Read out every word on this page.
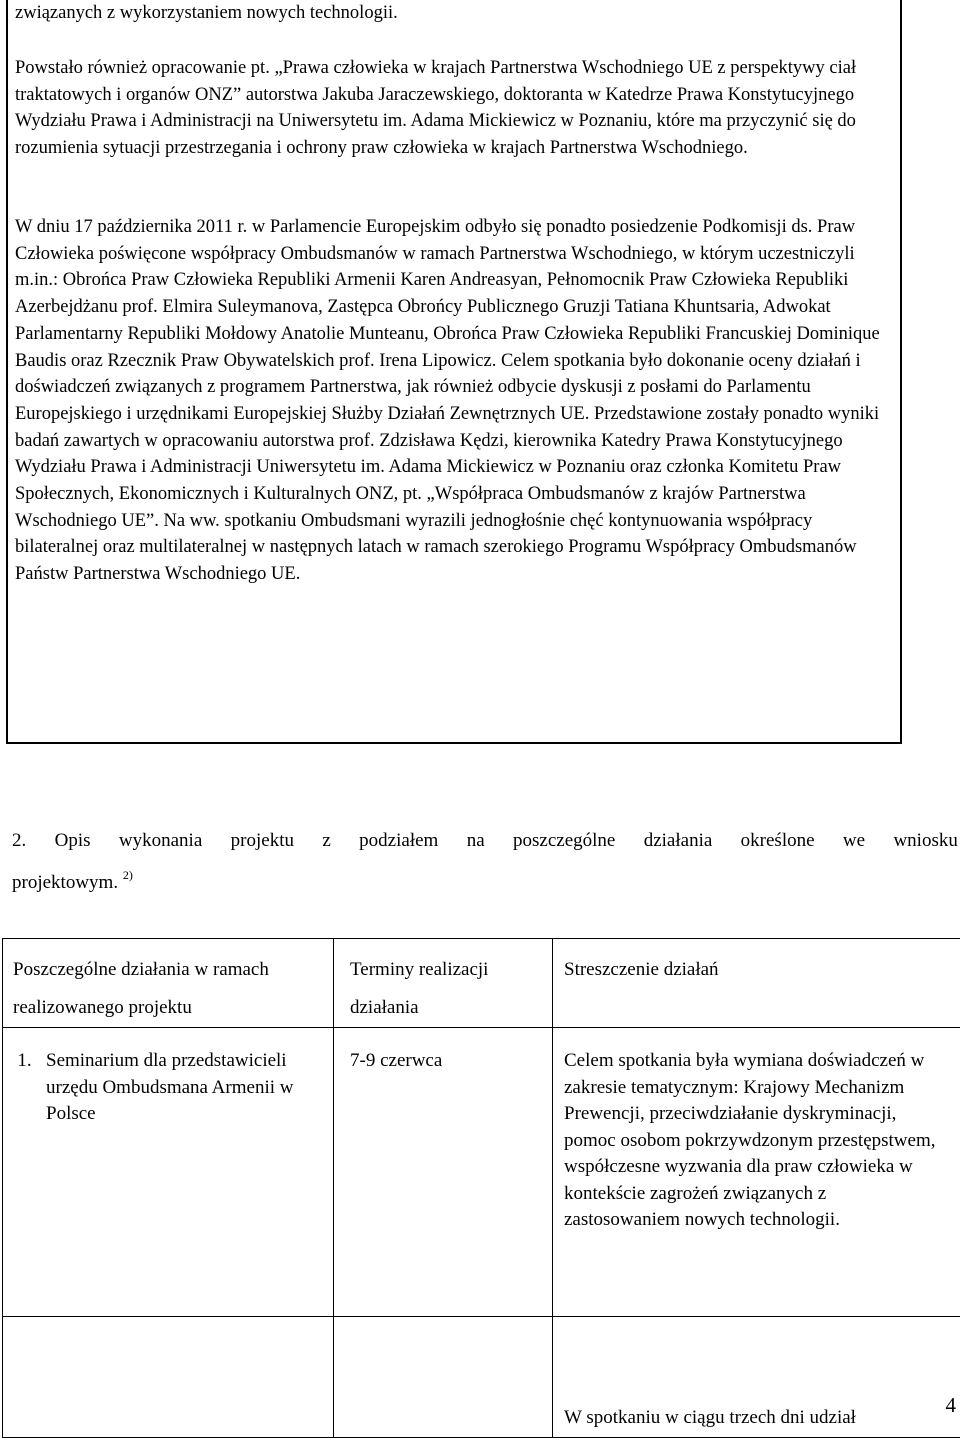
związanych z wykorzystaniem nowych technologii.

Powstało również opracowanie pt. „Prawa człowieka w krajach Partnerstwa Wschodniego UE z perspektywy ciał traktatowych i organów ONZ” autorstwa Jakuba Jaraczewskiego, doktoranta w Katedrze Prawa Konstytucyjnego Wydziału Prawa i Administracji na Uniwersytetu im. Adama Mickiewicz w Poznaniu, które ma przyczynić się do rozumienia sytuacji przestrzegania i ochrony praw człowieka w krajach Partnerstwa Wschodniego.

W dniu 17 października 2011 r. w Parlamencie Europejskim odbyło się ponadto posiedzenie Podkomisji ds. Praw Człowieka poświęcone współpracy Ombudsmanów w ramach Partnerstwa Wschodniego, w którym uczestniczyli m.in.: Obrońca Praw Człowieka Republiki Armenii Karen Andreasyan, Pełnomocnik Praw Człowieka Republiki Azerbejdżanu prof. Elmira Suleymanova, Zastępca Obrońcy Publicznego Gruzji Tatiana Khuntsaria, Adwokat Parlamentarny Republiki Mołdowy Anatolie Munteanu, Obrońca Praw Człowieka Republiki Francuskiej Dominique Baudis oraz Rzecznik Praw Obywatelskich prof. Irena Lipowicz. Celem spotkania było dokonanie oceny działań i doświadczeń związanych z programem Partnerstwa, jak również odbycie dyskusji z posłami do Parlamentu Europejskiego i urzędnikami Europejskiej Służby Działań Zewnętrznych UE. Przedstawione zostały ponadto wyniki badań zawartych w opracowaniu autorstwa prof. Zdzisława Kędzi, kierownika Katedry Prawa Konstytucyjnego Wydziału Prawa i Administracji Uniwersytetu im. Adama Mickiewicz w Poznaniu oraz członka Komitetu Praw Społecznych, Ekonomicznych i Kulturalnych ONZ, pt. „Współpraca Ombudsmanów z krajów Partnerstwa Wschodniego UE”. Na ww. spotkaniu Ombudsmani wyrazili jednogłośnie chęć kontynuowania współpracy bilateralnej oraz multilateralnej w następnych latach w ramach szerokiego Programu Współpracy Ombudsmanów Państw Partnerstwa Wschodniego UE.

2. Opis wykonania projektu z podziałem na poszczególne działania określone we wniosku
projektowym. $^{2)}$
Poszczególne działania w ramach realizowanego projektu	Terminy realizacji działania	Streszczenie działań

1. Seminarium dla przedstawicieli urzędu Ombudsmana Armenii w Polsce	7-9 czerwca	Celem spotkania była wymiana doświadczeń w zakresie tematycznym: Krajowy Mechanizm Prewencji, przeciwdziałanie dyskryminacji, pomoc osobom pokrzywdzonym przestępstwem, współczesne wyzwania dla praw człowieka w kontekście zagrożeń związanych z zastosowaniem nowych technologii.

		W spotkaniu w ciągu trzech dni udział
4
